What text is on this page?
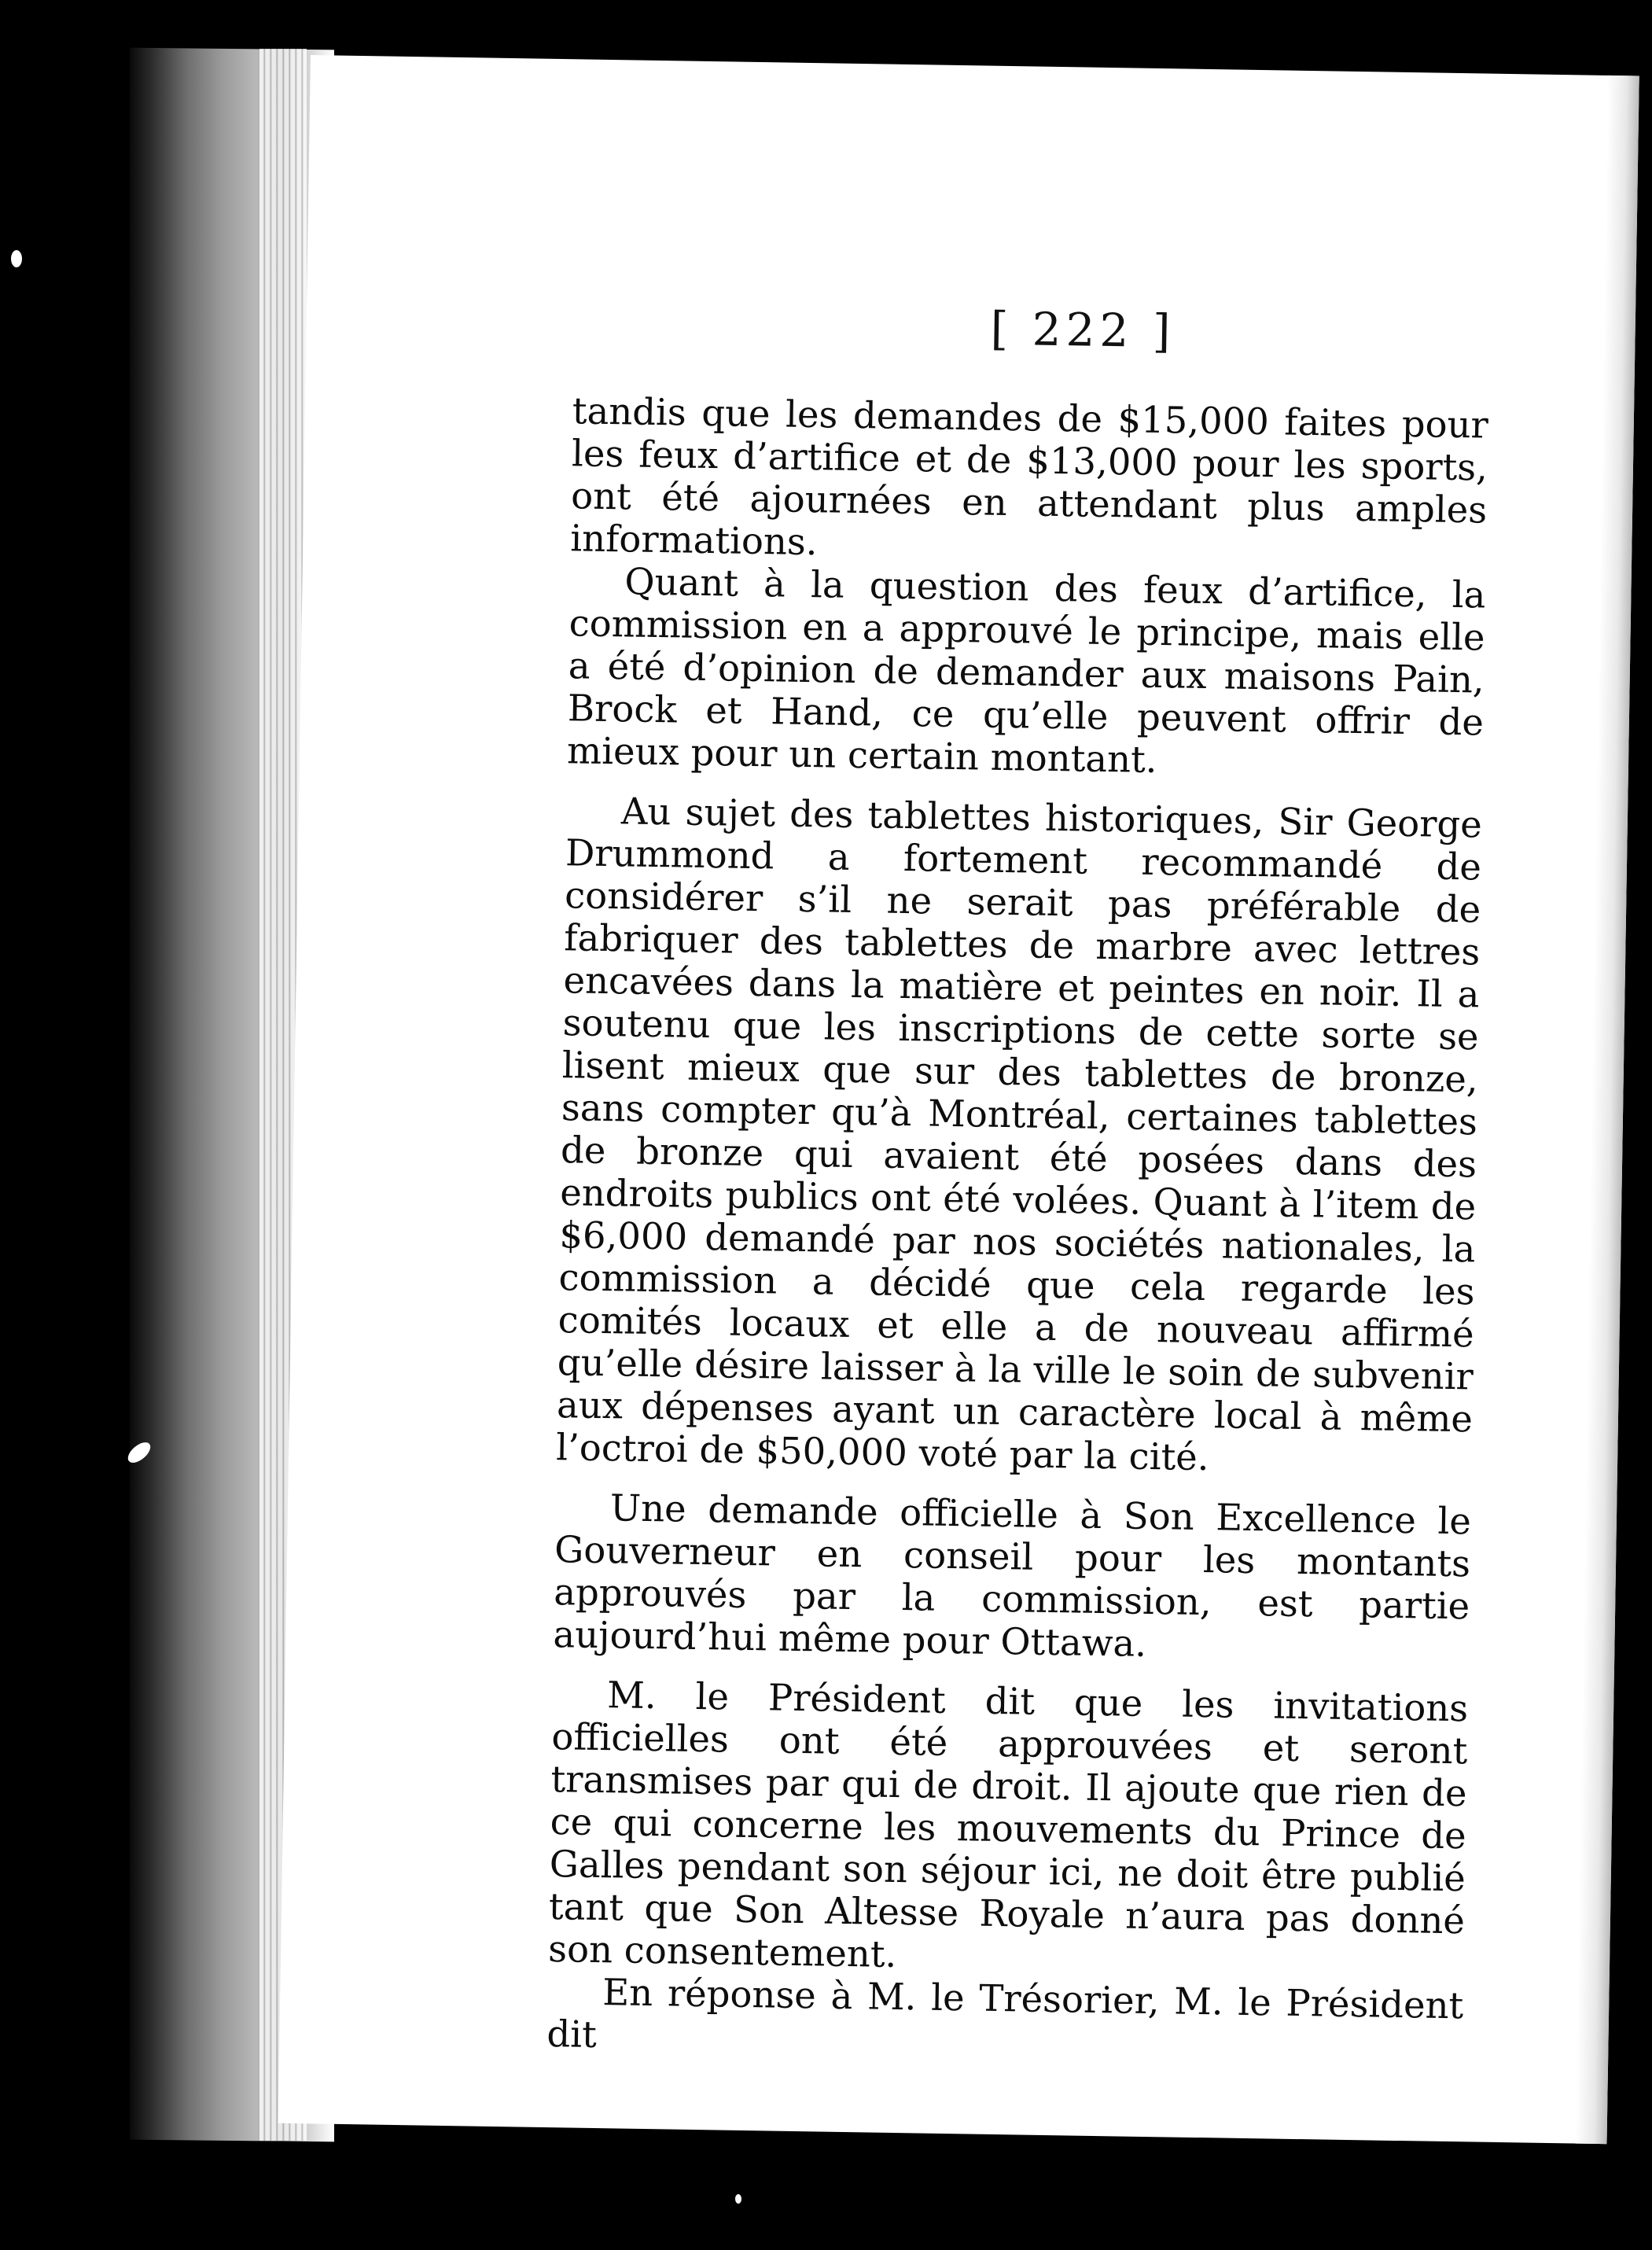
[ 222 ]

tandis que les demandes de $15,000 faites pour les feux d’artifice et de $13,000 pour les sports, ont été ajournées en attendant plus amples informations.

Quant à la question des feux d’artifice, la commission en a approuvé le principe, mais elle a été d’opinion de demander aux maisons Pain, Brock et Hand, ce qu’elle peuvent offrir de mieux pour un certain montant.

Au sujet des tablettes historiques, Sir George Drummond a fortement recommandé de considérer s’il ne serait pas préférable de fabriquer des tablettes de marbre avec lettres encavées dans la matière et peintes en noir. Il a soutenu que les inscriptions de cette sorte se lisent mieux que sur des tablettes de bronze, sans compter qu’à Montréal, certaines tablettes de bronze qui avaient été posées dans des endroits publics ont été volées. Quant à l’item de $6,000 demandé par nos sociétés nationales, la commission a décidé que cela regarde les comités locaux et elle a de nouveau affirmé qu’elle désire laisser à la ville le soin de subvenir aux dépenses ayant un caractère local à même l’octroi de $50,000 voté par la cité.

Une demande officielle à Son Excellence le Gouverneur en conseil pour les montants approuvés par la commission, est partie aujourd’hui même pour Ottawa.

M. le Président dit que les invitations officielles ont été approuvées et seront transmises par qui de droit. Il ajoute que rien de ce qui concerne les mouvements du Prince de Galles pendant son séjour ici, ne doit être publié tant que Son Altesse Royale n’aura pas donné son consentement.

En réponse à M. le Trésorier, M. le Président dit
